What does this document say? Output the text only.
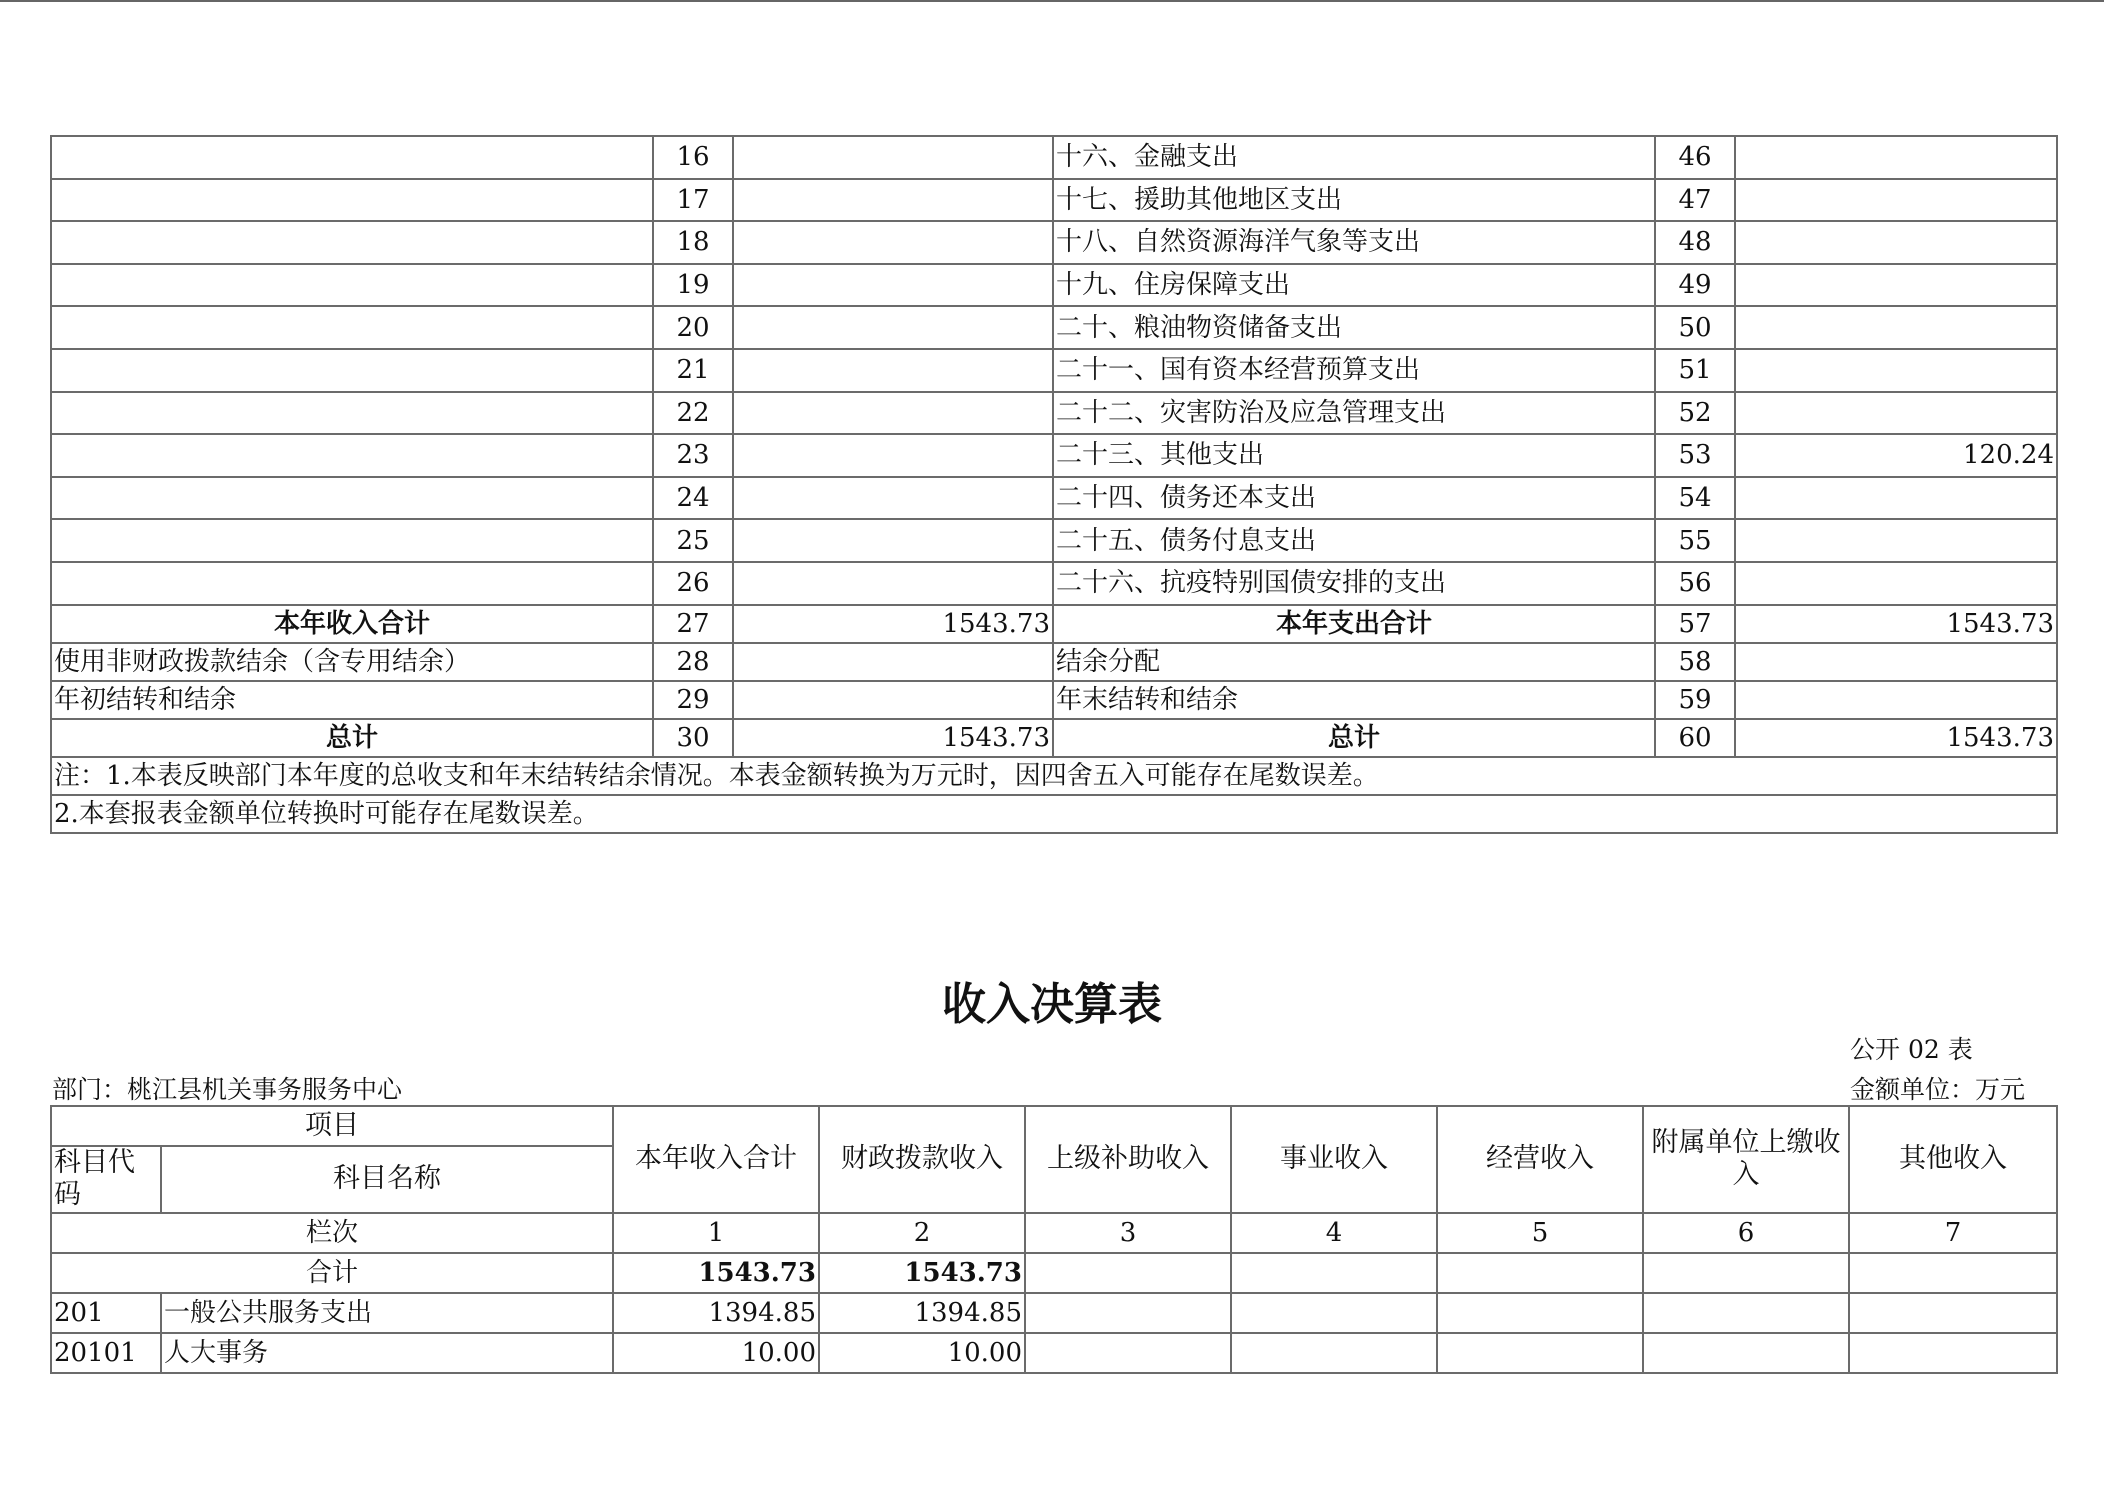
	16		十六、金融支出	46	
	17		十七、援助其他地区支出	47	
	18		十八、自然资源海洋气象等支出	48	
	19		十九、住房保障支出	49	
	20		二十、粮油物资储备支出	50	
	21		二十一、国有资本经营预算支出	51	
	22		二十二、灾害防治及应急管理支出	52	
	23		二十三、其他支出	53	120.24
	24		二十四、债务还本支出	54	
	25		二十五、债务付息支出	55	
	26		二十六、抗疫特别国债安排的支出	56	
本年收入合计	27	1543.73	本年支出合计	57	1543.73
使用非财政拨款结余（含专用结余）	28		结余分配	58	
年初结转和结余	29		年末结转和结余	59	
总计	30	1543.73	总计	60	1543.73
注：1.本表反映部门本年度的总收支和年末结转结余情况。本表金额转换为万元时，因四舍五入可能存在尾数误差。					
2.本套报表金额单位转换时可能存在尾数误差。					
收入决算表
公开 02 表
部门：桃江县机关事务服务中心	金额单位：万元
项目		本年收入合计	财政拨款收入	上级补助收入	事业收入	经营收入	附属单位上缴收入	其他收入
科目代码	科目名称							
栏次		1	2	3	4	5	6	7
合计		1543.73	1543.73					
201	一般公共服务支出	1394.85	1394.85					
20101	人大事务	10.00	10.00					
